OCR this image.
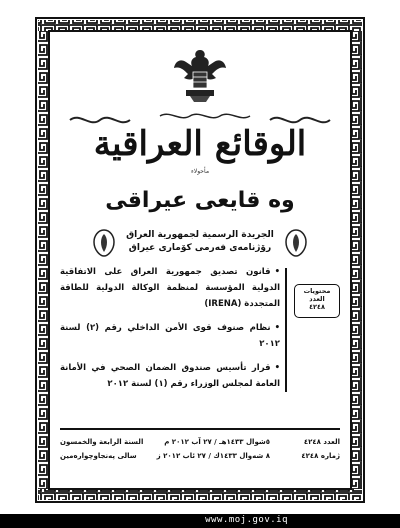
الوقائع العراقية
مأحولاء
وه قايعى عيراقى
الجريدة الرسمية لجمهورية العراق
رۆژنامەی فەرمی کۆماری عیراق
محتويات
العدد
٤٢٤٨
•قانون تصديق جمهورية العراق على الاتفاقية الدولية المؤسسة لمنظمة الوكالة الدولية للطاقة المتجددة (IRENA)
•نظام صنوف قوى الأمن الداخلي رقم (٢) لسنة ٢٠١٢
•قرار تأسيس صندوق الضمان الصحي في الأمانة العامة لمجلس الوزراء رقم (١) لسنة ٢٠١٢
العدد ٤٢٤٨
٥شوال ١٤٣٣هـ / ٢٧ آب ٢٠١٢ م
السنة الرابعة والخمسون
ژمارە ٤٢٤٨
٨ شەوال ١٤٣٣ك / ٢٧ ئاب ٢٠١٢ ز
سالی پەنجاوچوارەمین
www.moj.gov.iq
